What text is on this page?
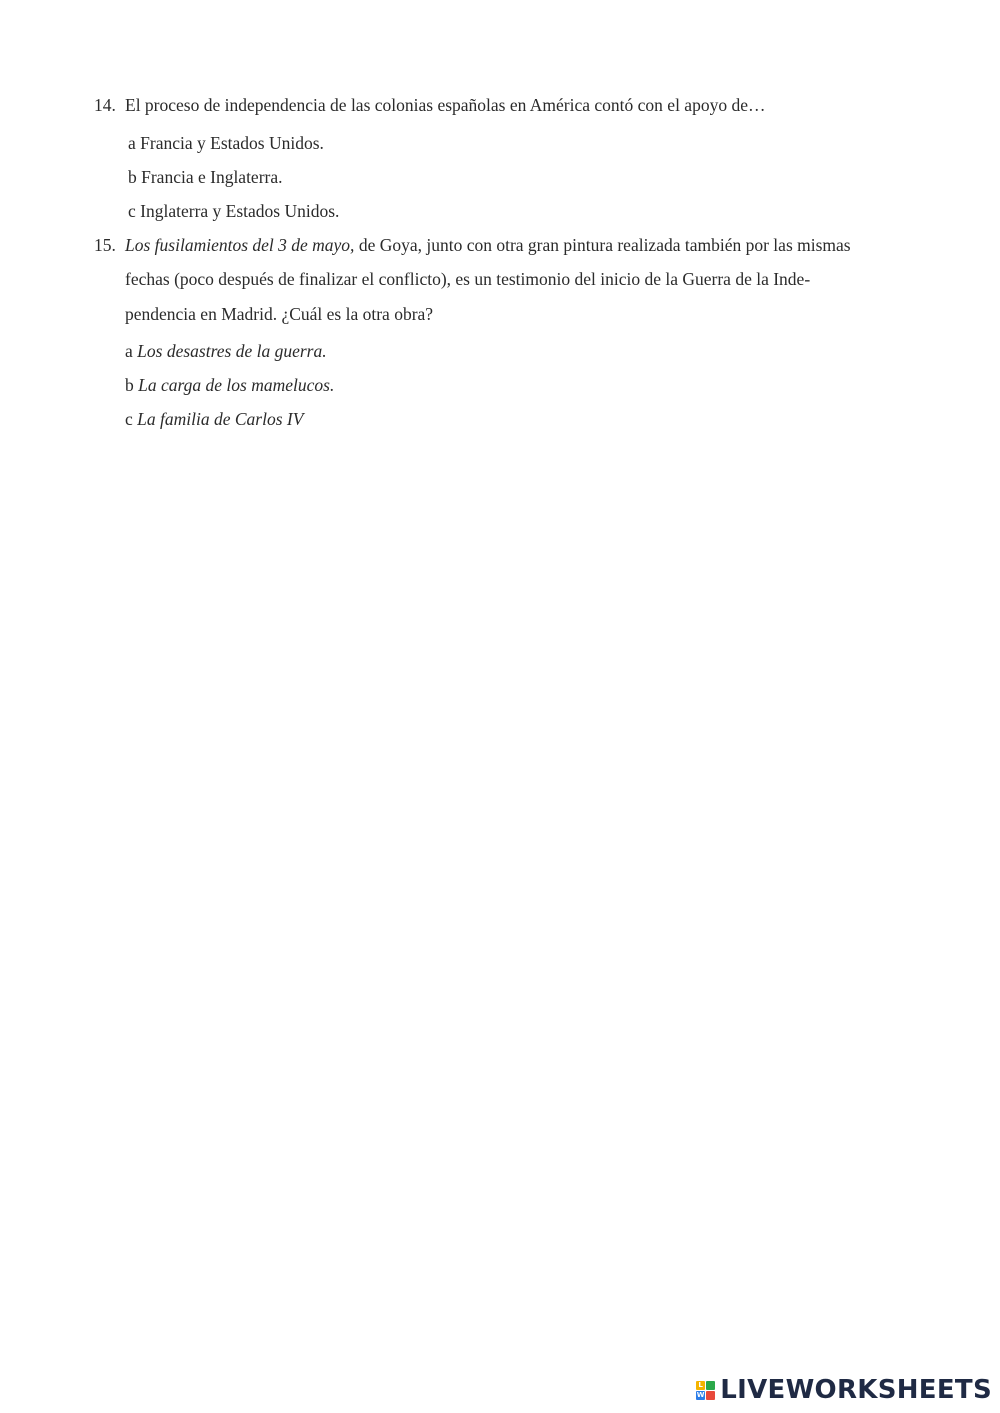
14. El proceso de independencia de las colonias españolas en América contó con el apoyo de…
a Francia y Estados Unidos.
b Francia e Inglaterra.
c Inglaterra y Estados Unidos.
15. Los fusilamientos del 3 de mayo, de Goya, junto con otra gran pintura realizada también por las mismas
fechas (poco después de finalizar el conflicto), es un testimonio del inicio de la Guerra de la Inde-
pendencia en Madrid. ¿Cuál es la otra obra?
a Los desastres de la guerra.
b La carga de los mamelucos.
c La familia de Carlos IV
L
W LIVEWORKSHEETS
